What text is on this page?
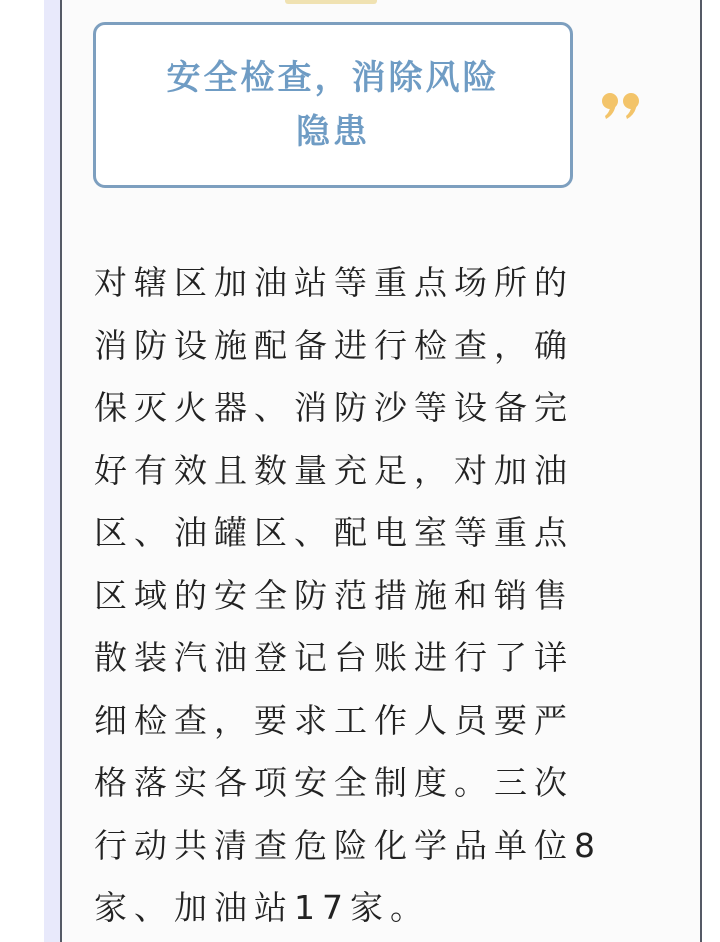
安全检查，消除风险
隐患
对辖区加油站等重点场所的
消防设施配备进行检查，确
保灭火器、消防沙等设备完
好有效且数量充足，对加油
区、油罐区、配电室等重点
区域的安全防范措施和销售
散装汽油登记台账进行了详
细检查，要求工作人员要严
格落实各项安全制度。三次
行动共清查危险化学品单位8
家、加油站17家。
